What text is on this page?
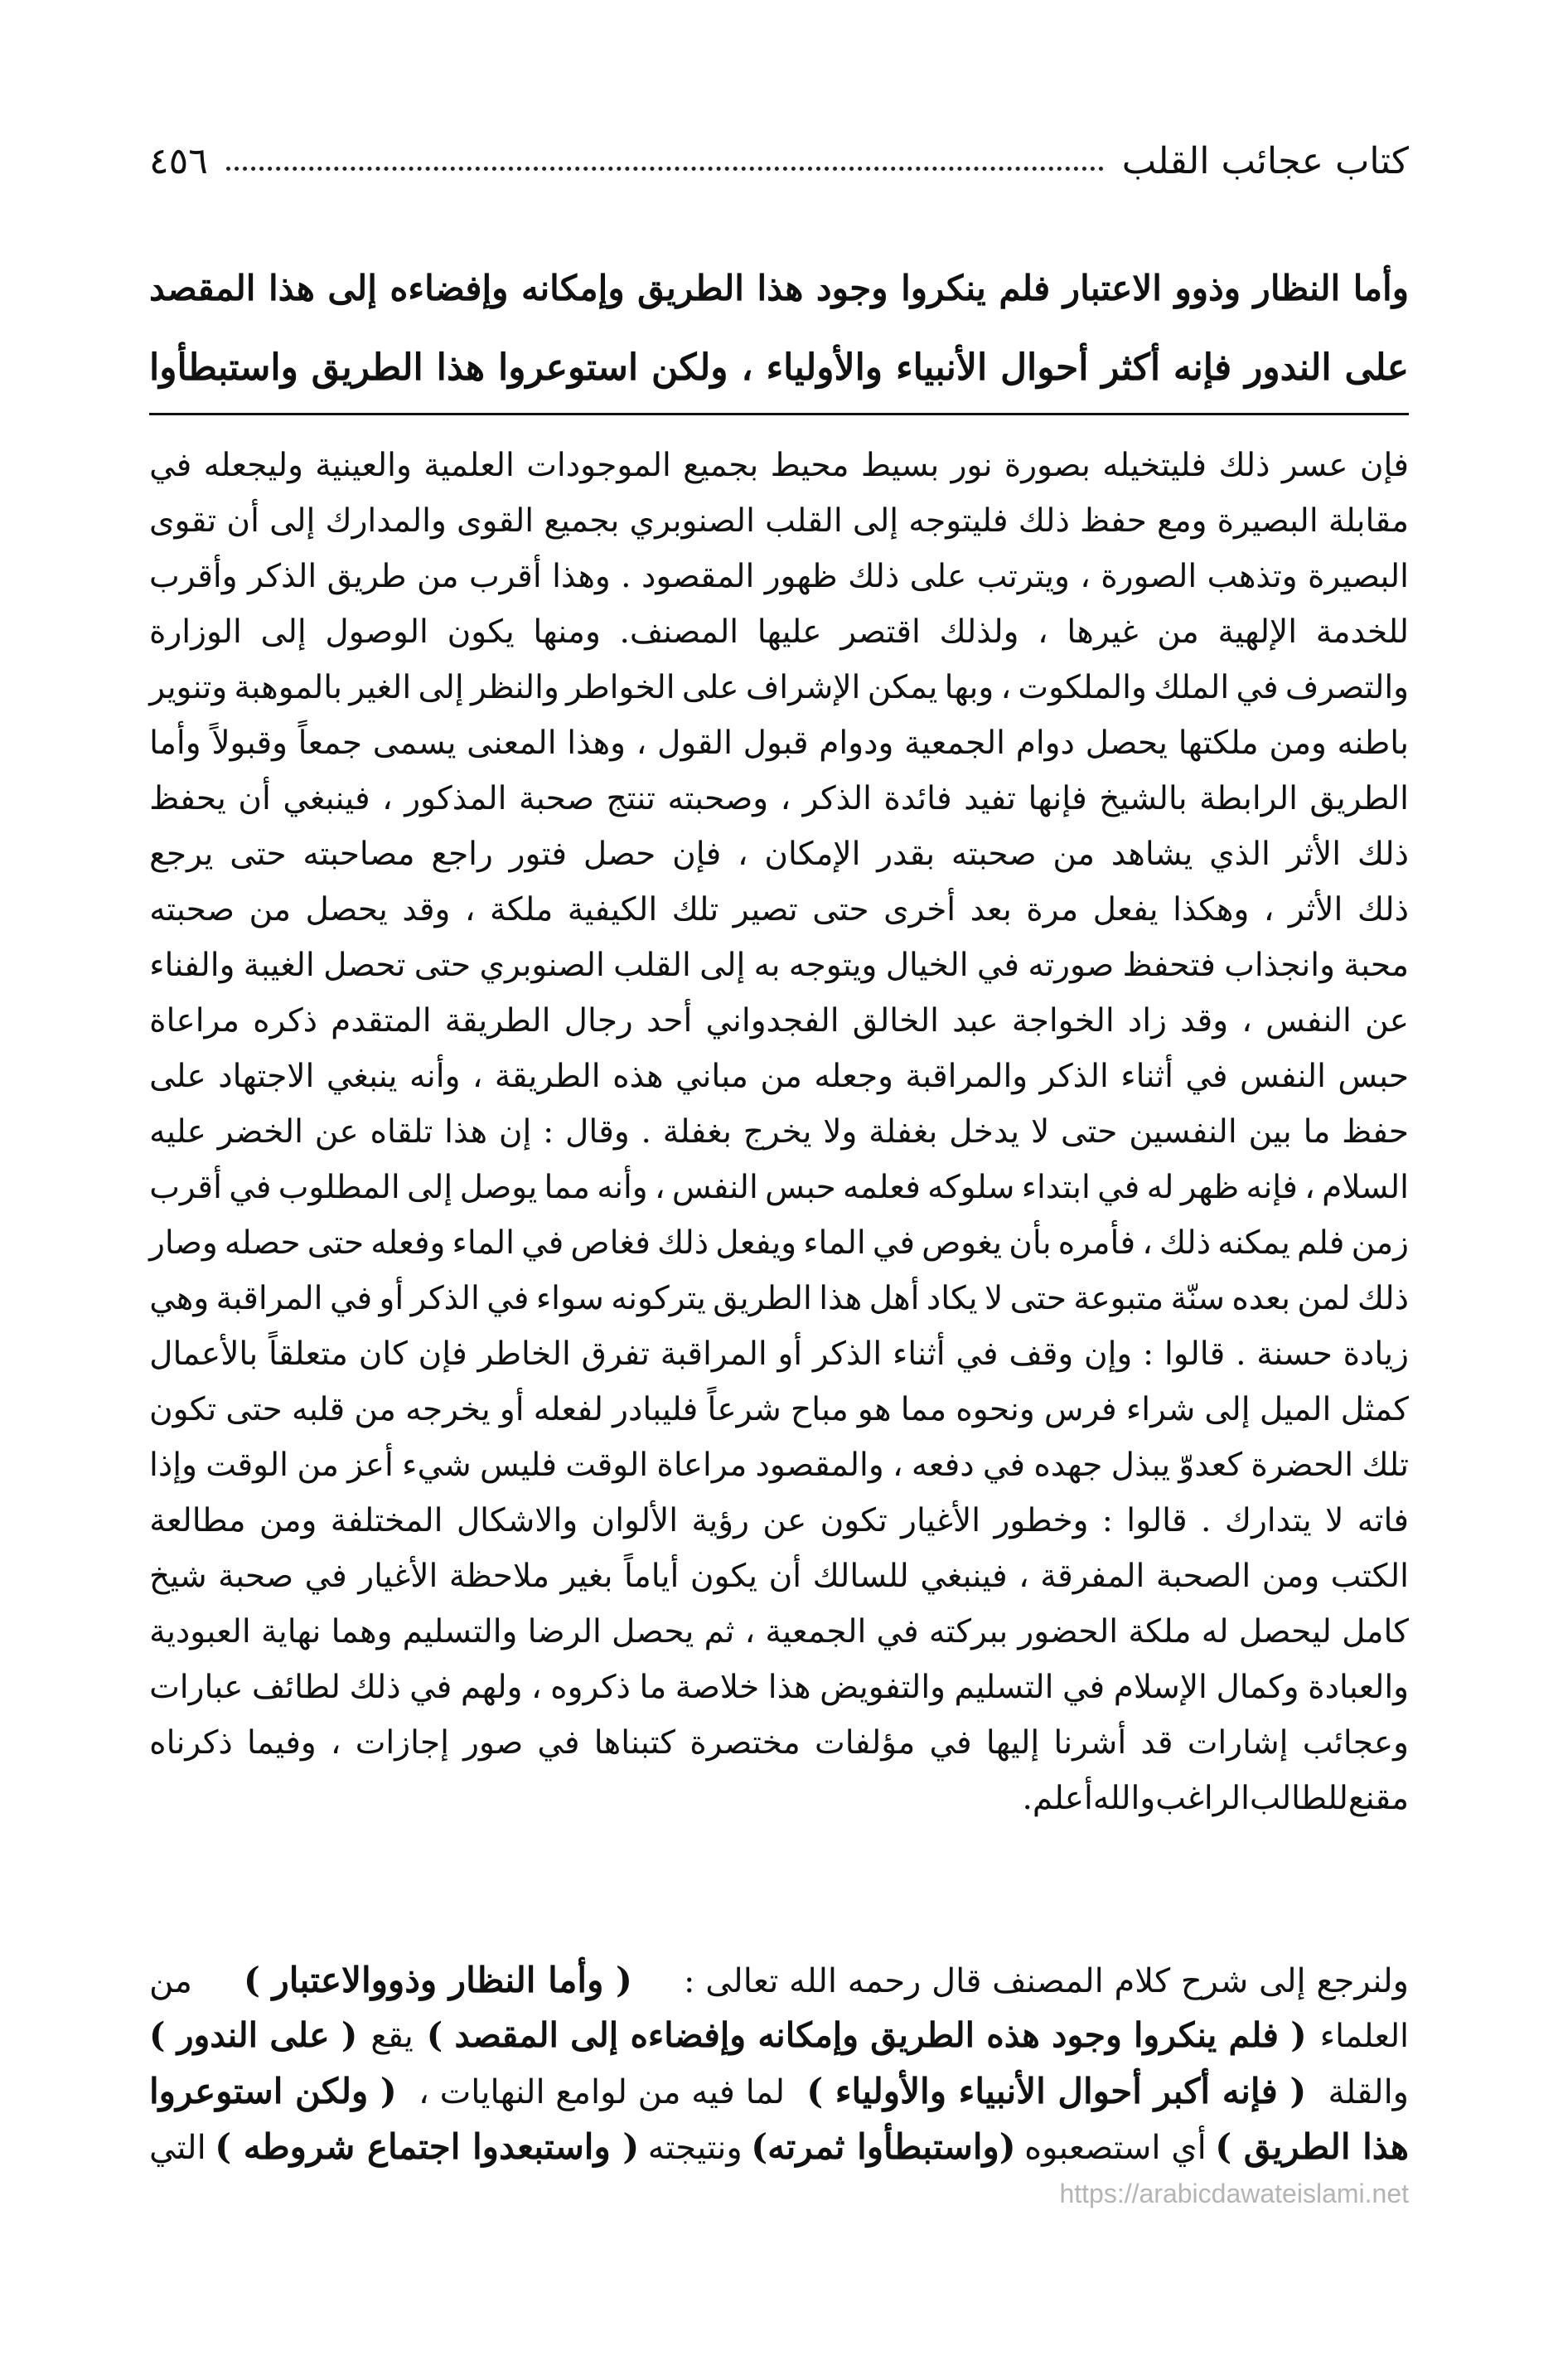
كتاب عجائب القلب
٤٥٦

وأما النظار وذوو الاعتبار فلم ينكروا وجود هذا الطريق وإمكانه وإفضاءه إلى هذا المقصد

على الندور فإنه أكثر أحوال الأنبياء والأولياء ، ولكن استوعروا هذا الطريق واستبطأوا

فإن
عسر
ذلك
فليتخيله
بصورة
نور
بسيط
محيط
بجميع
الموجودات
العلمية
والعينية
وليجعله
في
مقابلة
البصيرة
ومع
حفظ
ذلك
فليتوجه
إلى
القلب
الصنوبري
بجميع
القوى
والمدارك
إلى
أن
تقوى
البصيرة
وتذهب
الصورة
،
ويترتب
على
ذلك
ظهور
المقصود
.
وهذا
أقرب
من
طريق
الذكر
وأقرب
للخدمة
الإلهية
من
غيرها
،
ولذلك
اقتصر
عليها
المصنف.
ومنها
يكون
الوصول
إلى
الوزارة
والتصرف
في
الملك
والملكوت
،
وبها
يمكن
الإشراف
على
الخواطر
والنظر
إلى
الغير
بالموهبة
وتنوير
باطنه
ومن
ملكتها
يحصل
دوام
الجمعية
ودوام
قبول
القول
،
وهذا
المعنى
يسمى
جمعاً
وقبولاً
وأما
الطريق
الرابطة
بالشيخ
فإنها
تفيد
فائدة
الذكر
،
وصحبته
تنتج
صحبة
المذكور
،
فينبغي
أن
يحفظ
ذلك
الأثر
الذي
يشاهد
من
صحبته
بقدر
الإمكان
،
فإن
حصل
فتور
راجع
مصاحبته
حتى
يرجع
ذلك
الأثر
،
وهكذا
يفعل
مرة
بعد
أخرى
حتى
تصير
تلك
الكيفية
ملكة
،
وقد
يحصل
من
صحبته
محبة
وانجذاب
فتحفظ
صورته
في
الخيال
ويتوجه
به
إلى
القلب
الصنوبري
حتى
تحصل
الغيبة
والفناء
عن
النفس
،
وقد
زاد
الخواجة
عبد
الخالق
الفجدواني
أحد
رجال
الطريقة
المتقدم
ذكره
مراعاة
حبس
النفس
في
أثناء
الذكر
والمراقبة
وجعله
من
مباني
هذه
الطريقة
،
وأنه
ينبغي
الاجتهاد
على
حفظ
ما
بين
النفسين
حتى
لا
يدخل
بغفلة
ولا
يخرج
بغفلة
.
وقال
:
إن
هذا
تلقاه
عن
الخضر
عليه
السلام
،
فإنه
ظهر
له
في
ابتداء
سلوكه
فعلمه
حبس
النفس
،
وأنه
مما
يوصل
إلى
المطلوب
في
أقرب
زمن
فلم
يمكنه
ذلك
،
فأمره
بأن
يغوص
في
الماء
ويفعل
ذلك
فغاص
في
الماء
وفعله
حتى
حصله
وصار
ذلك
لمن
بعده
سنّة
متبوعة
حتى
لا
يكاد
أهل
هذا
الطريق
يتركونه
سواء
في
الذكر
أو
في
المراقبة
وهي
زيادة
حسنة
.
قالوا
:
وإن
وقف
في
أثناء
الذكر
أو
المراقبة
تفرق
الخاطر
فإن
كان
متعلقاً
بالأعمال
كمثل
الميل
إلى
شراء
فرس
ونحوه
مما
هو
مباح
شرعاً
فليبادر
لفعله
أو
يخرجه
من
قلبه
حتى
تكون
تلك
الحضرة
كعدوّ
يبذل
جهده
في
دفعه
،
والمقصود
مراعاة
الوقت
فليس
شيء
أعز
من
الوقت
وإذا
فاته
لا
يتدارك
.
قالوا
:
وخطور
الأغيار
تكون
عن
رؤية
الألوان
والاشكال
المختلفة
ومن
مطالعة
الكتب
ومن
الصحبة
المفرقة
،
فينبغي
للسالك
أن
يكون
أياماً
بغير
ملاحظة
الأغيار
في
صحبة
شيخ
كامل
ليحصل
له
ملكة
الحضور
ببركته
في
الجمعية
،
ثم
يحصل
الرضا
والتسليم
وهما
نهاية
العبودية
والعبادة
وكمال
الإسلام
في
التسليم
والتفويض
هذا
خلاصة
ما
ذكروه
،
ولهم
في
ذلك
لطائف
عبارات
وعجائب
إشارات
قد
أشرنا
إليها
في
مؤلفات
مختصرة
كتبناها
في
صور
إجازات
،
وفيما
ذكرناه
مقنع
للطالب
الراغب
والله
أعلم
.
ولنرجع إلى شرح كلام المصنف قال رحمه الله تعالى :
( وأما النظار وذووالاعتبار )
من
العلماء
( فلم ينكروا وجود هذه الطريق وإمكانه وإفضاءه إلى المقصد )
يقع
( على الندور )
والقلة
( فإنه أكبر أحوال الأنبياء والأولياء )
لما فيه من لوامع النهايات ،
( ولكن استوعروا
هذا الطريق )
أي استصعبوه
(واستبطأوا ثمرته)
ونتيجته
( واستبعدوا اجتماع شروطه )
التي
https://arabicdawateislami.net
